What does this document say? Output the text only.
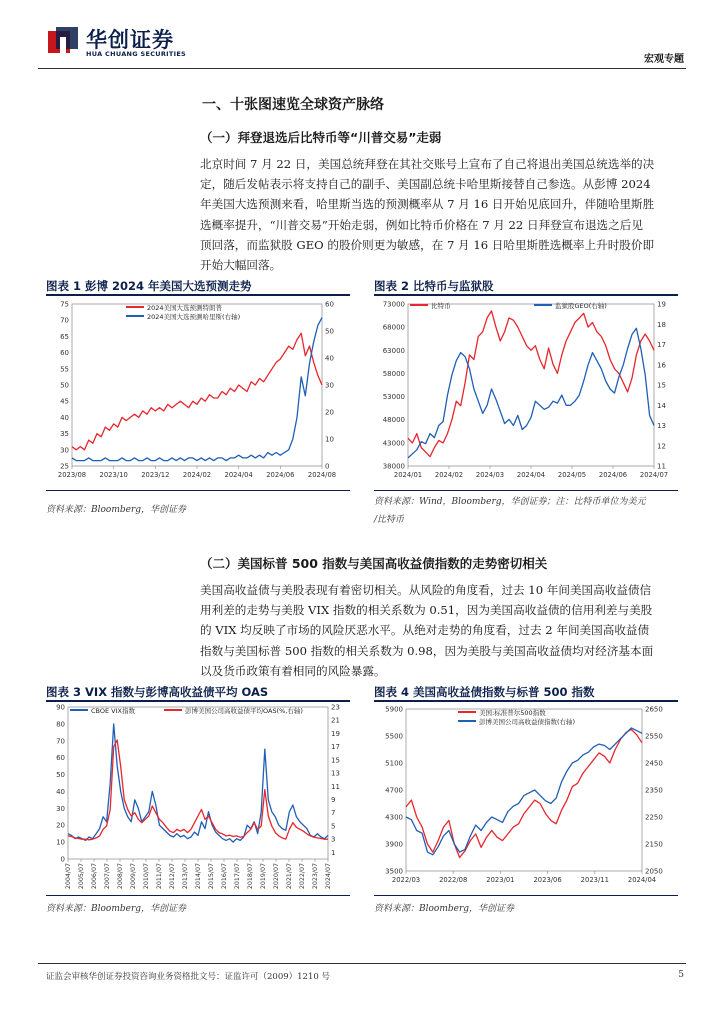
华创证券
HUA CHUANG SECURITIES	宏观专题
一、十张图速览全球资产脉络
（一）拜登退选后比特币等“川普交易”走弱
北京时间 7 月 22 日，美国总统拜登在其社交账号上宣布了自己将退出美国总统选举的决
定，随后发帖表示将支持自己的副手、美国副总统卡哈里斯接替自己参选。从彭博 2024
年美国大选预测来看，哈里斯当选的预测概率从 7 月 16 日开始见底回升，伴随哈里斯胜
选概率提升，“川普交易”开始走弱，例如比特币价格在 7 月 22 日拜登宣布退选之后见
顶回落，而监狱股 GEO 的股价则更为敏感，在 7 月 16 日哈里斯胜选概率上升时股价即
开始大幅回落。
图表 1 彭博 2024 年美国大选预测走势
25
30
35
40
45
50
55
60
65
70
75
0
10
20
30
40
50
60
2023/08 2023/10 2023/12 2024/02 2024/04 2024/06 2024/08
2024美国大选预测特朗普
2024美国大选预测哈里斯(右轴)
资料来源：Bloomberg，华创证券
图表 2 比特币与监狱股
38000
43000
48000
53000
58000
63000
68000
73000
11
12
13
14
15
16
17
18
19
2024/01 2024/02 2024/03 2024/04 2024/05 2024/06 2024/07
比特币	监狱股GEO(右轴)
资料来源：Wind，Bloomberg，华创证券；注：比特币单位为美元
/比特币
（二）美国标普 500 指数与美国高收益债指数的走势密切相关
美国高收益债与美股表现有着密切相关。从风险的角度看，过去 10 年间美国高收益债信
用利差的走势与美股 VIX 指数的相关系数为 0.51，因为美国高收益债的信用利差与美股
的 VIX 均反映了市场的风险厌恶水平。从绝对走势的角度看，过去 2 年间美国高收益债
指数与美国标普 500 指数的相关系数为 0.98，因为美股与美国高收益债均对经济基本面
以及货币政策有着相同的风险暴露。
图表 3 VIX 指数与彭博高收益债平均 OAS
0
10
20
30
40
50
60
70
80
90
1
3
5
7
9
11
13
15
17
19
21
23
2004/07 2005/07 2006/07 2007/07 2008/07 2009/07 2010/07 2011/07 2012/07 2013/07 2014/07 2015/07 2016/07 2017/07 2018/07 2019/07 2020/07 2021/07 2022/07 2023/07 2024/07
CBOE VIX指数	彭博美国公司高收益债平均OAS(%,右轴)
资料来源：Bloomberg，华创证券
图表 4 美国高收益债指数与标普 500 指数
3500
3900
4300
4700
5100
5500
5900
2050
2150
2250
2350
2450
2550
2650
2022/03	2022/08	2023/01	2023/06	2023/11	2024/04
美国:标准普尔500指数
彭博美国公司高收益债指数(右轴)
资料来源：Bloomberg，华创证券
证监会审核华创证券投资咨询业务资格批文号：证监许可（2009）1210 号	5
